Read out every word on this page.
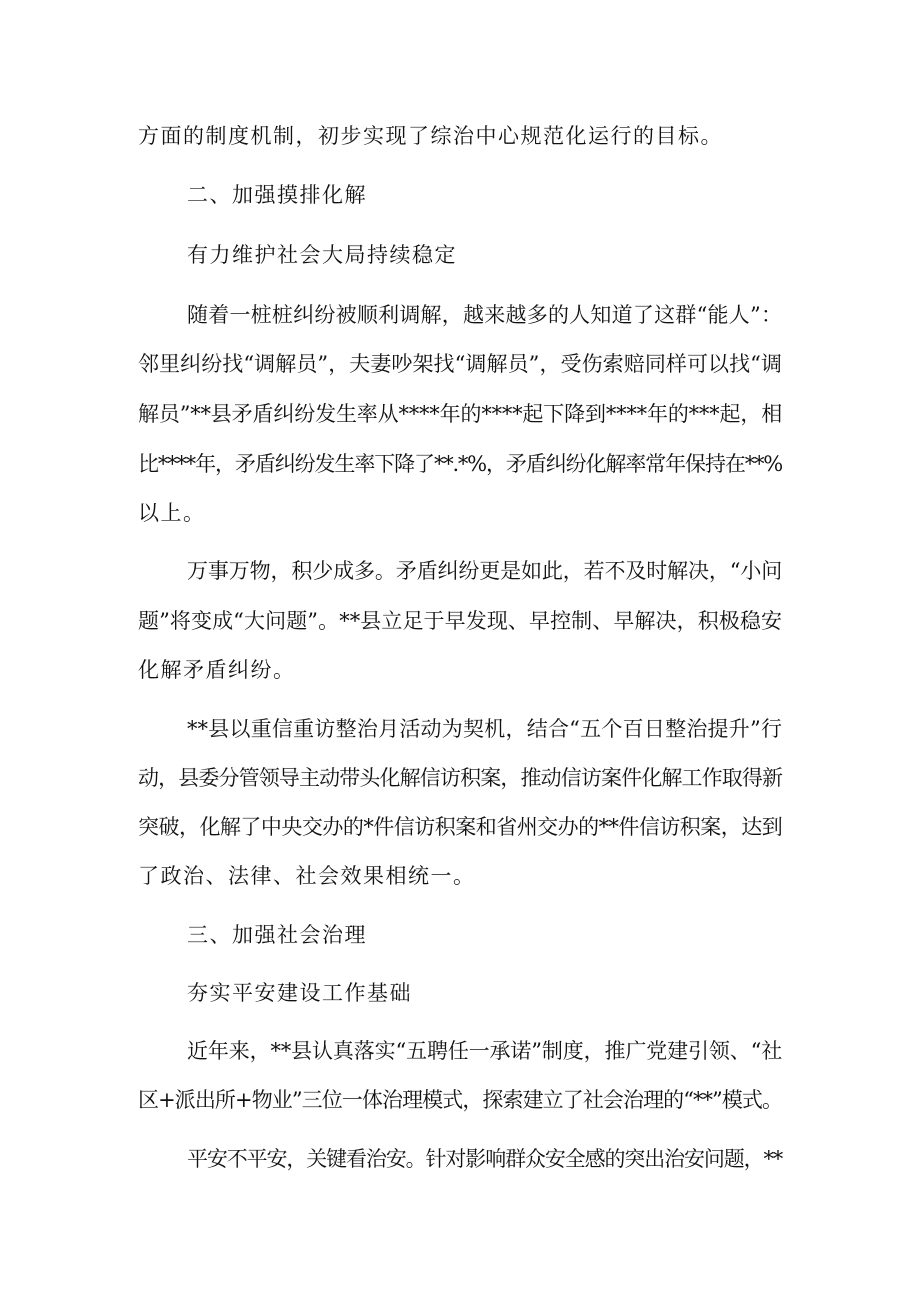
方面的制度机制，初步实现了综治中心规范化运行的目标。

二、加强摸排化解

有力维护社会大局持续稳定

随着一桩桩纠纷被顺利调解，越来越多的人知道了这群“能人”：

邻里纠纷找“调解员”，夫妻吵架找“调解员”，受伤索赔同样可以找“调

解员”**县矛盾纠纷发生率从****年的****起下降到****年的***起，相

比****年，矛盾纠纷发生率下降了**.*%，矛盾纠纷化解率常年保持在**%

以上。

万事万物，积少成多。矛盾纠纷更是如此，若不及时解决，“小问

题”将变成“大问题”。**县立足于早发现、早控制、早解决，积极稳安

化解矛盾纠纷。

**县以重信重访整治月活动为契机，结合“五个百日整治提升”行

动，县委分管领导主动带头化解信访积案，推动信访案件化解工作取得新

突破，化解了中央交办的*件信访积案和省州交办的**件信访积案，达到

了政治、法律、社会效果相统一。

三、加强社会治理

夯实平安建设工作基础

近年来，**县认真落实“五聘任一承诺”制度，推广党建引领、“社

区+派出所+物业”三位一体治理模式，探索建立了社会治理的“**”模式。

平安不平安，关键看治安。针对影响群众安全感的突出治安问题，**
